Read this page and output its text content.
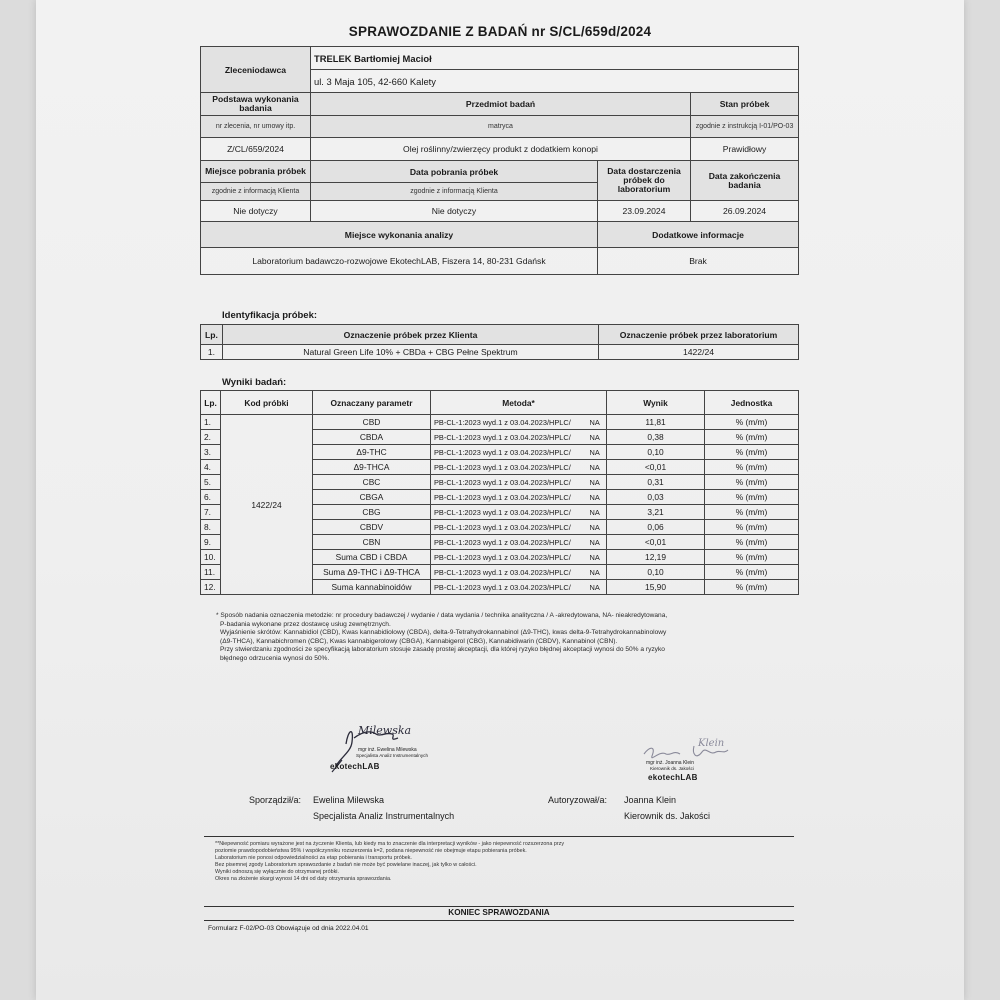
SPRAWOZDANIE Z BADAŃ nr S/CL/659d/2024
Zleceniodawca	TRELEK Bartłomiej Macioł		
	ul. 3 Maja 105, 42-660 Kalety		
Podstawa wykonania badania	Przedmiot badań		Stan próbek
nr zlecenia, nr umowy itp.	matryca		zgodnie z instrukcją I-01/PO-03
Z/CL/659/2024	Olej roślinny/zwierzęcy produkt z dodatkiem konopi		Prawidłowy
Miejsce pobrania próbek	Data pobrania próbek	Data dostarczenia próbek do laboratorium	Data zakończenia badania
zgodnie z informacją Klienta	zgodnie z informacją Klienta		
Nie dotyczy	Nie dotyczy	23.09.2024	26.09.2024
Miejsce wykonania analizy		Dodatkowe informacje	
Laboratorium badawczo-rozwojowe EkotechLAB, Fiszera 14, 80-231 Gdańsk		Brak	
Identyfikacja próbek:
Lp.	Oznaczenie próbek przez Klienta	Oznaczenie próbek przez laboratorium
1.	Natural Green Life 10% + CBDa + CBG Pełne Spektrum	1422/24
Wyniki badań:
Lp.	Kod próbki	Oznaczany parametr	Metoda*		Wynik	Jednostka
1.	1422/24	CBD	PB-CL-1:2023 wyd.1 z 03.04.2023/HPLC/	NA	11,81	% (m/m)
2.		CBDA	PB-CL-1:2023 wyd.1 z 03.04.2023/HPLC/	NA	0,38	% (m/m)
3.		Δ9-THC	PB-CL-1:2023 wyd.1 z 03.04.2023/HPLC/	NA	0,10	% (m/m)
4.		Δ9-THCA	PB-CL-1:2023 wyd.1 z 03.04.2023/HPLC/	NA	<0,01	% (m/m)
5.		CBC	PB-CL-1:2023 wyd.1 z 03.04.2023/HPLC/	NA	0,31	% (m/m)
6.		CBGA	PB-CL-1:2023 wyd.1 z 03.04.2023/HPLC/	NA	0,03	% (m/m)
7.		CBG	PB-CL-1:2023 wyd.1 z 03.04.2023/HPLC/	NA	3,21	% (m/m)
8.		CBDV	PB-CL-1:2023 wyd.1 z 03.04.2023/HPLC/	NA	0,06	% (m/m)
9.		CBN	PB-CL-1:2023 wyd.1 z 03.04.2023/HPLC/	NA	<0,01	% (m/m)
10.		Suma CBD i CBDA	PB-CL-1:2023 wyd.1 z 03.04.2023/HPLC/	NA	12,19	% (m/m)
11.		Suma Δ9-THC i Δ9-THCA	PB-CL-1:2023 wyd.1 z 03.04.2023/HPLC/	NA	0,10	% (m/m)
12.		Suma kannabinoidów	PB-CL-1:2023 wyd.1 z 03.04.2023/HPLC/	NA	15,90	% (m/m)
* Sposób nadania oznaczenia metodzie: nr procedury badawczej / wydanie / data wydania / technika analityczna / A -akredytowana, NA- nieakredytowana,
P-badania wykonane przez dostawcę usług zewnętrznych.
Wyjaśnienie skrótów: Kannabidiol (CBD), Kwas kannabidiolowy (CBDA), delta-9-Tetrahydrokannabinol (Δ9-THC), kwas delta-9-Tetrahydrokannabinolowy
(Δ9-THCA), Kannabichromen (CBC), Kwas kannabigerolowy (CBGA), Kannabigerol (CBG), Kannabidiwarin (CBDV), Kannabinol (CBN).
Przy stwierdzaniu zgodności ze specyfikacją laboratorium stosuje zasadę prostej akceptacji, dla której ryzyko błędnej akceptacji wynosi do 50% a ryzyko
błędnego odrzucenia wynosi do 50%.
Milewska
mgr inż. Ewelina Milewska
Specjalista Analiz Instrumentalnych
ekotechLAB
Klein
mgr inż. Joanna Klein
Kierownik ds. Jakości
ekotechLAB
Sporządził/a: Ewelina Milewska
Specjalista Analiz Instrumentalnych
Autoryzował/a: Joanna Klein
Kierownik ds. Jakości
**Niepewność pomiaru wyrażone jest na życzenie Klienta, lub kiedy ma to znaczenie dla interpretacji wyników - jako niepewność rozszerzona przy
poziomie prawdopodobieństwa 95% i współczynniku rozszerzenia k=2, podana niepewność nie obejmuje etapu pobierania próbek.
Laboratorium nie ponosi odpowiedzialności za etap pobierania i transportu próbek.
Bez pisemnej zgody Laboratorium sprawozdanie z badań nie może być powielane inaczej, jak tylko w całości.
Wyniki odnoszą się wyłącznie do otrzymanej próbki.
Okres na złożenie skargi wynosi 14 dni od daty otrzymania sprawozdania.
KONIEC SPRAWOZDANIA
Formularz F-02/PO-03 Obowiązuje od dnia 2022.04.01
